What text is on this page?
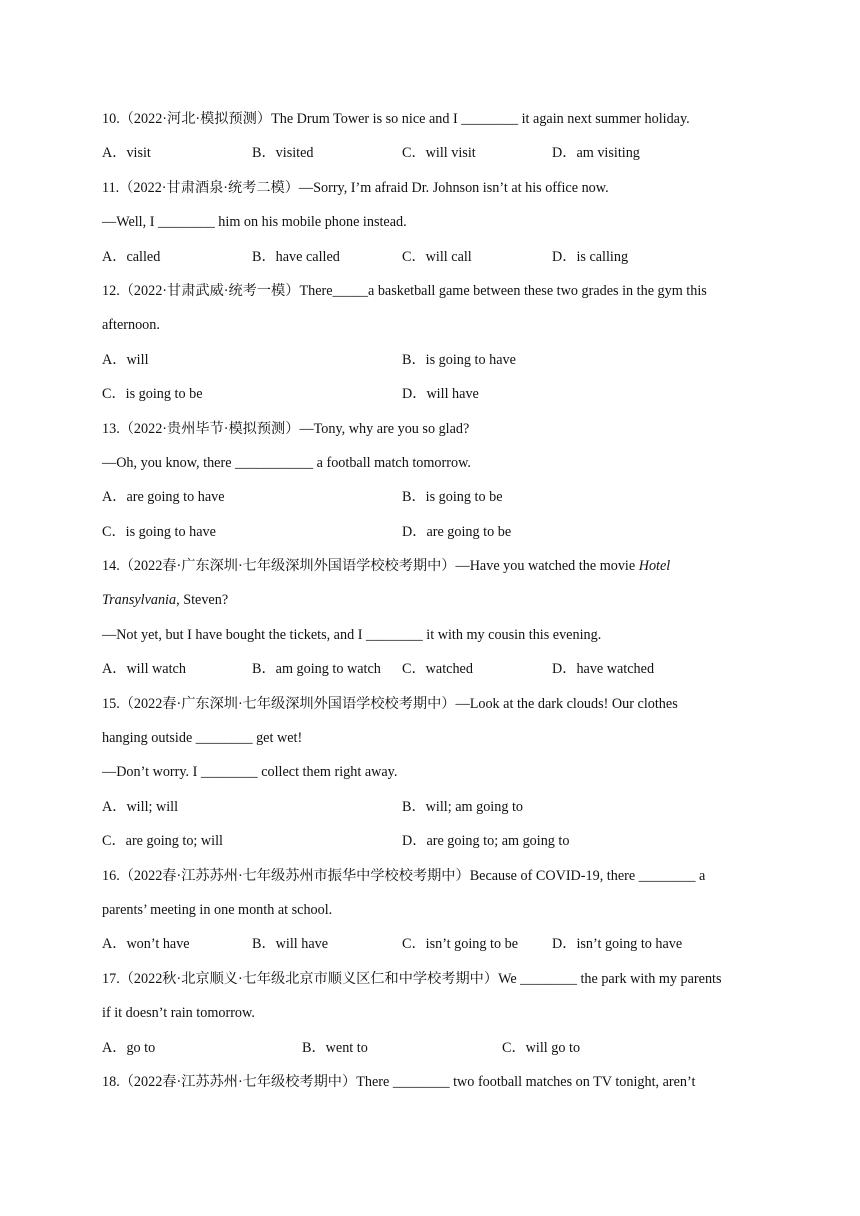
10.（2022·河北·模拟预测）The Drum Tower is so nice and I ________ it again next summer holiday.
A．visit	B．visited	C．will visit	D．am visiting
11.（2022·甘肃酒泉·统考二模）—Sorry, I’m afraid Dr. Johnson isn’t at his office now.
—Well, I ________ him on his mobile phone instead.
A．called	B．have called	C．will call	D．is calling
12.（2022·甘肃武威·统考一模）There_____a basketball game between these two grades in the gym this
afternoon.
A．will	B．is going to have
C．is going to be	D．will have
13.（2022·贵州毕节·模拟预测）—Tony, why are you so glad?
—Oh, you know, there ___________ a football match tomorrow.
A．are going to have	B．is going to be
C．is going to have	D．are going to be
14.（2022春·广东深圳·七年级深圳外国语学校校考期中）—Have you watched the movie Hotel
Transylvania, Steven?
—Not yet, but I have bought the tickets, and I ________ it with my cousin this evening.
A．will watch	B．am going to watch C．watched	D．have watched
15.（2022春·广东深圳·七年级深圳外国语学校校考期中）—Look at the dark clouds! Our clothes
hanging outside ________ get wet!
—Don’t worry. I ________ collect them right away.
A．will; will	B．will; am going to
C．are going to; will	D．are going to; am going to
16.（2022春·江苏苏州·七年级苏州市振华中学校校考期中）Because of COVID-19, there ________ a
parents’ meeting in one month at school.
A．won’t have	B．will have	C．isn’t going to be D．isn’t going to have
17.（2022秋·北京顺义·七年级北京市顺义区仁和中学校考期中）We ________ the park with my parents
if it doesn’t rain tomorrow.
A．go to	B．went to	C．will go to
18.（2022春·江苏苏州·七年级校考期中）There ________ two football matches on TV tonight, aren’t
